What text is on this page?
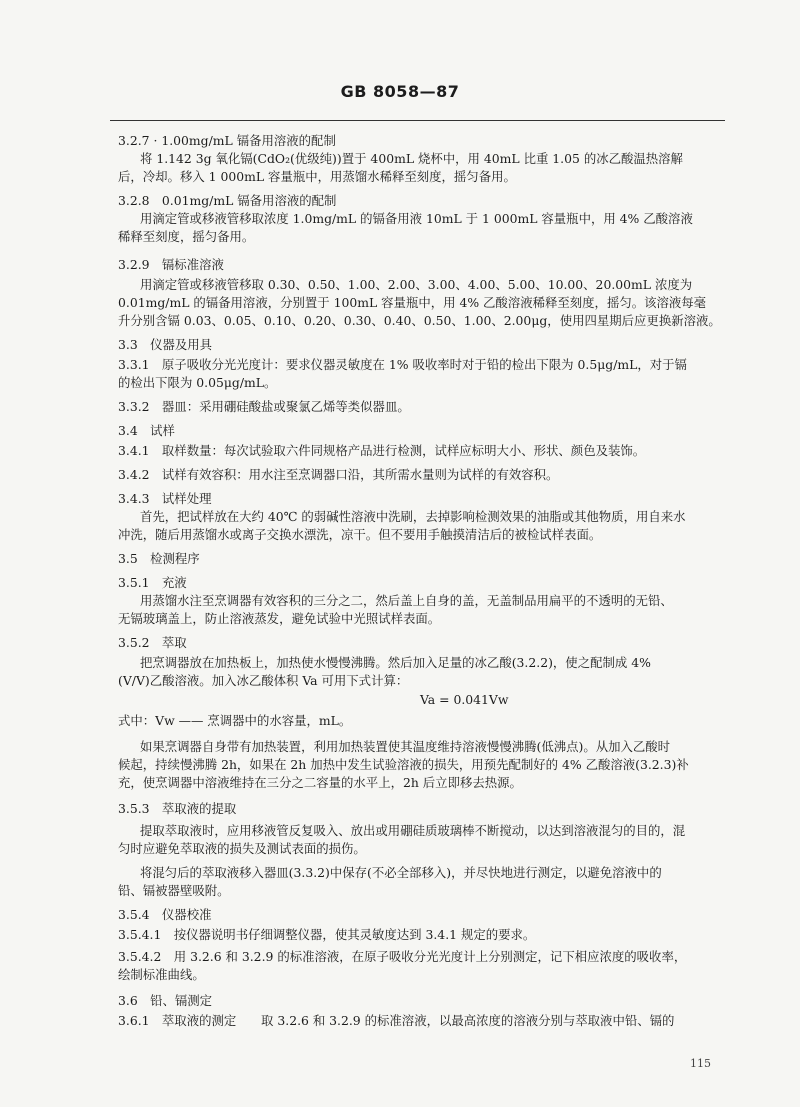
GB 8058—87
3.2.7 · 1.00mg/mL 镉备用溶液的配制
将 1.142 3g 氧化镉(CdO₂(优级纯))置于 400mL 烧杯中，用 40mL 比重 1.05 的冰乙酸温热溶解
后，冷却。移入 1 000mL 容量瓶中，用蒸馏水稀释至刻度，摇匀备用。
3.2.8　0.01mg/mL 镉备用溶液的配制
用滴定管或移液管移取浓度 1.0mg/mL 的镉备用液 10mL 于 1 000mL 容量瓶中，用 4% 乙酸溶液
稀释至刻度，摇匀备用。
3.2.9　镉标准溶液
用滴定管或移液管移取 0.30、0.50、1.00、2.00、3.00、4.00、5.00、10.00、20.00mL 浓度为
0.01mg/mL 的镉备用溶液，分别置于 100mL 容量瓶中，用 4% 乙酸溶液稀释至刻度，摇匀。该溶液每毫
升分别含镉 0.03、0.05、0.10、0.20、0.30、0.40、0.50、1.00、2.00μg，使用四星期后应更换新溶液。
3.3　仪器及用具
3.3.1　原子吸收分光光度计：要求仪器灵敏度在 1% 吸收率时对于铅的检出下限为 0.5μg/mL，对于镉
的检出下限为 0.05μg/mL。
3.3.2　器皿：采用硼硅酸盐或聚氯乙烯等类似器皿。
3.4　试样
3.4.1　取样数量：每次试验取六件同规格产品进行检测，试样应标明大小、形状、颜色及装饰。
3.4.2　试样有效容积：用水注至烹调器口沿，其所需水量则为试样的有效容积。
3.4.3　试样处理
首先，把试样放在大约 40℃ 的弱碱性溶液中洗刷，去掉影响检测效果的油脂或其他物质，用自来水
冲洗，随后用蒸馏水或离子交换水漂洗，凉干。但不要用手触摸清洁后的被检试样表面。
3.5　检测程序
3.5.1　充液
用蒸馏水注至烹调器有效容积的三分之二，然后盖上自身的盖，无盖制品用扁平的不透明的无铅、
无镉玻璃盖上，防止溶液蒸发，避免试验中光照试样表面。
3.5.2　萃取
把烹调器放在加热板上，加热使水慢慢沸腾。然后加入足量的冰乙酸(3.2.2)，使之配制成 4%
(V/V)乙酸溶液。加入冰乙酸体积 Va 可用下式计算：
Va = 0.041Vw
式中：Vw —— 烹调器中的水容量，mL。
如果烹调器自身带有加热装置，利用加热装置使其温度维持溶液慢慢沸腾(低沸点)。从加入乙酸时
候起，持续慢沸腾 2h，如果在 2h 加热中发生试验溶液的损失，用预先配制好的 4% 乙酸溶液(3.2.3)补
充，使烹调器中溶液维持在三分之二容量的水平上，2h 后立即移去热源。
3.5.3　萃取液的提取
提取萃取液时，应用移液管反复吸入、放出或用硼硅质玻璃棒不断搅动，以达到溶液混匀的目的，混
匀时应避免萃取液的损失及测试表面的损伤。
将混匀后的萃取液移入器皿(3.3.2)中保存(不必全部移入)，并尽快地进行测定，以避免溶液中的
铅、镉被器壁吸附。
3.5.4　仪器校准
3.5.4.1　按仪器说明书仔细调整仪器，使其灵敏度达到 3.4.1 规定的要求。
3.5.4.2　用 3.2.6 和 3.2.9 的标准溶液，在原子吸收分光光度计上分别测定，记下相应浓度的吸收率，
绘制标准曲线。
3.6　铅、镉测定
3.6.1　萃取液的测定　　取 3.2.6 和 3.2.9 的标准溶液，以最高浓度的溶液分别与萃取液中铅、镉的
115
